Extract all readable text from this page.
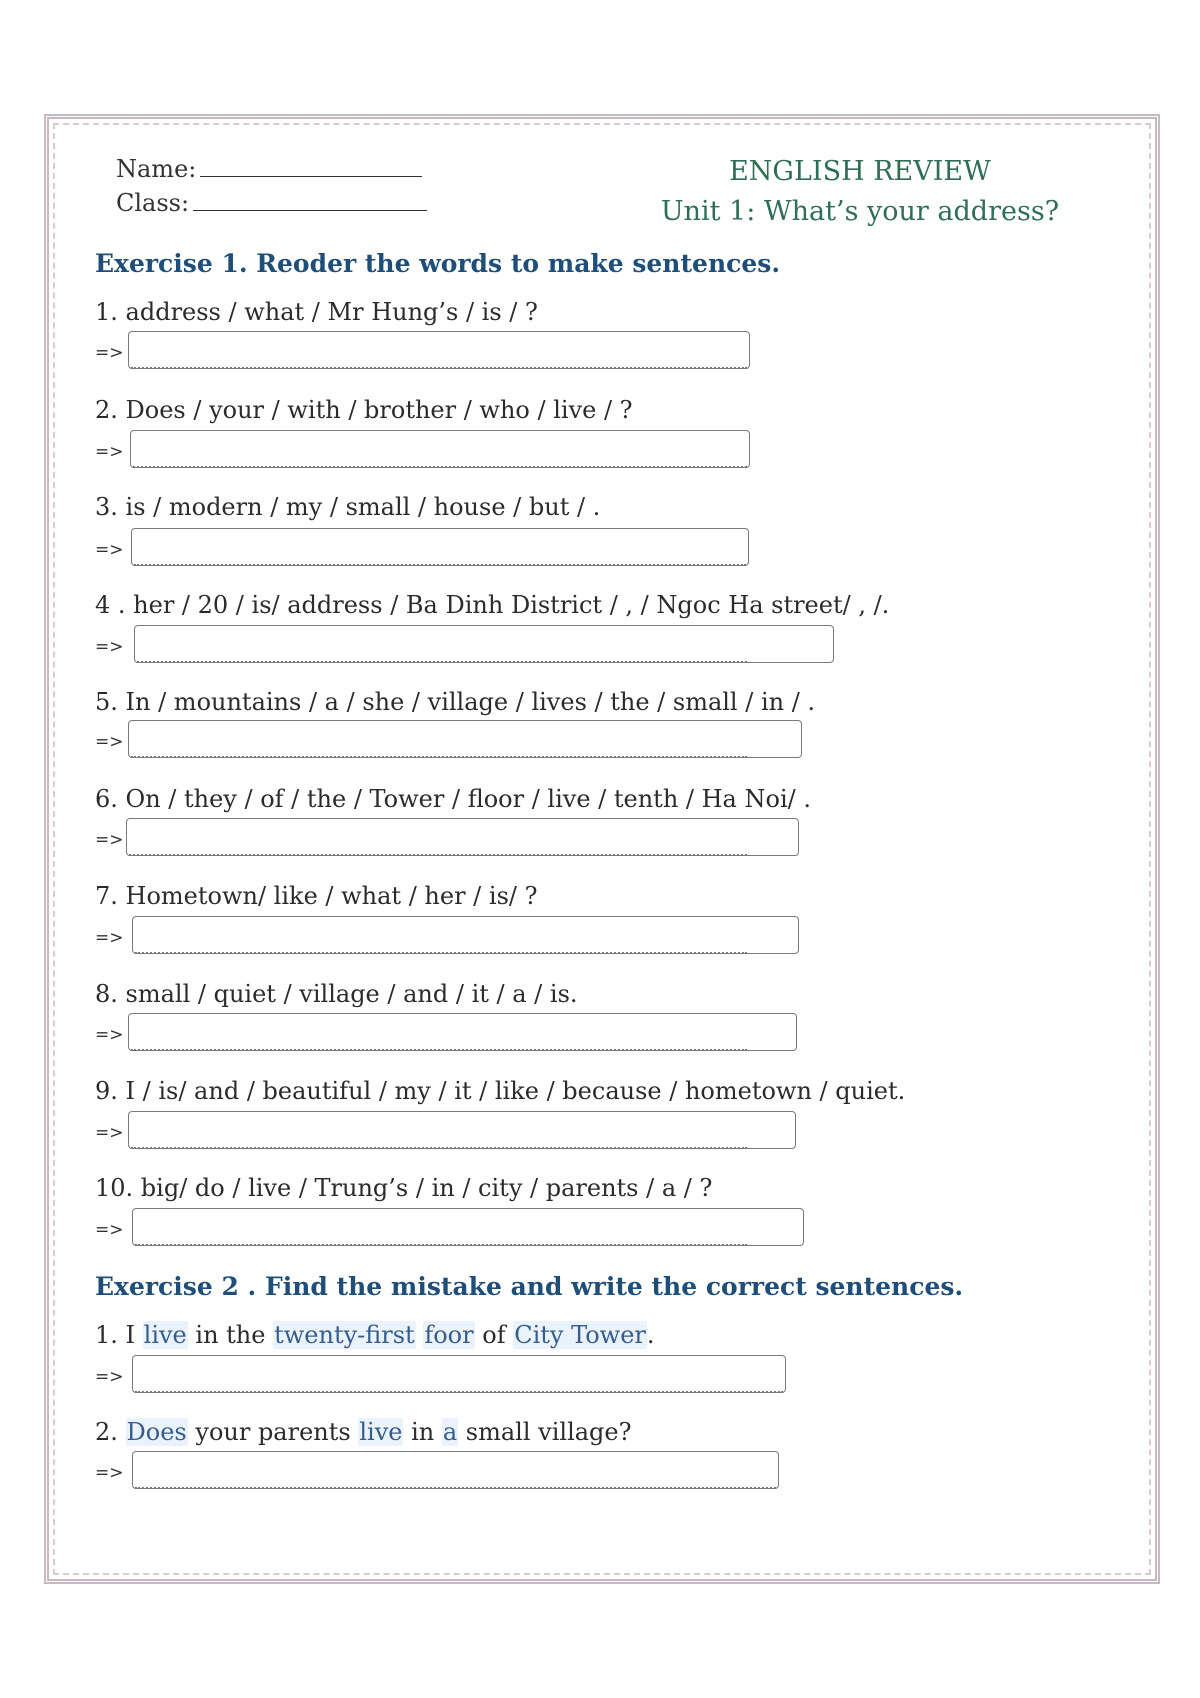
Name:
Class:
ENGLISH REVIEW
Unit 1: What’s your address?
Exercise 1. Reoder the words to make sentences.
1. address / what / Mr Hung’s / is / ?
=>
2. Does / your / with / brother / who / live / ?
=>
3. is / modern / my / small / house / but / .
=>
4 . her / 20 / is/ address / Ba Dinh District / , / Ngoc Ha street/ , /.
=>
5. In / mountains / a / she / village / lives / the / small / in / .
=>
6. On / they / of / the / Tower / floor / live / tenth / Ha Noi/ .
=>
7. Hometown/ like / what / her / is/ ?
=>
8. small / quiet / village / and / it / a / is.
=>
9. I / is/ and / beautiful / my / it / like / because / hometown / quiet.
=>
10. big/ do / live / Trung’s / in / city / parents / a / ?
=>
Exercise 2 . Find the mistake and write the correct sentences.
1. I live in the twenty-first foor of City Tower.
=>
2. Does your parents live in a small village?
=>
